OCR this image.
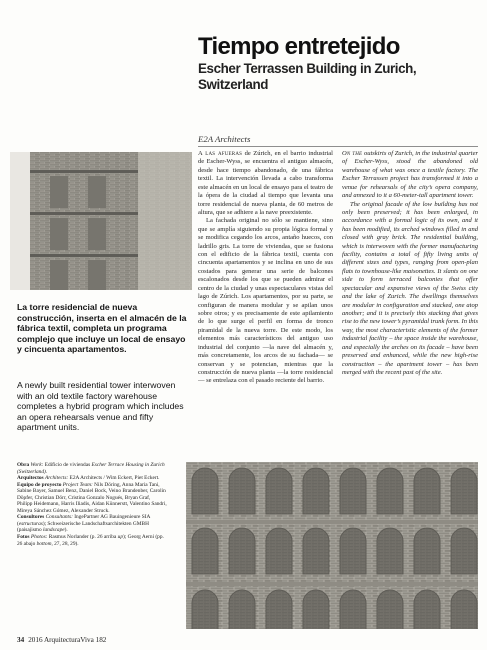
Tiempo entretejido
Escher Terrassen Building in Zurich, Switzerland
La torre residencial de nueva construcción, inserta en el almacén de la fábrica textil, completa un programa complejo que incluye un local de ensayo y cincuenta apartamentos.
A newly built residential tower interwoven with an old textile factory warehouse completes a hybrid program which includes an opera rehearsals venue and fifty apartment units.
E2A Architects

A las afueras de Zúrich, en el barrio industrial de Escher-Wyss, se encuentra el antiguo almacén, desde hace tiempo abandonado, de una fábrica textil. La intervención llevada a cabo transforma este almacén en un local de ensayo para el teatro de la ópera de la ciudad al tiempo que levanta una torre residencial de nueva planta, de 60 metros de altura, que se adhiere a la nave preexistente.

La fachada original no sólo se mantiene, sino que se amplía siguiendo su propia lógica formal y se modifica cegando los arcos, antaño huecos, con ladrillo gris. La torre de viviendas, que se fusiona con el edificio de la fábrica textil, cuenta con cincuenta apartamentos y se inclina en uno de sus costados para generar una serie de balcones escalonados desde los que se pueden admirar el centro de la ciudad y unas espectaculares vistas del lago de Zúrich. Los apartamentos, por su parte, se configuran de manera modular y se apilan unos sobre otros; y es precisamente de este apilamiento de lo que surge el perfil en forma de tronco piramidal de la nueva torre. De este modo, los elementos más característicos del antiguo uso industrial del conjunto —la nave del almacén y, más concretamente, los arcos de su fachada— se conservan y se potencian, mientras que la construcción de nueva planta —la torre residencial— se entrelaza con el pasado reciente del barrio.

On the outskirts of Zurich, in the industrial quarter of Escher-Wyss, stood the abandoned old warehouse of what was once a textile factory. The Escher Terrassen project has transformed it into a venue for rehearsals of the city’s opera company, and annexed to it a 60-meter-tall apartment tower.

The original facade of the low building has not only been preserved; it has been enlarged, in accordance with a formal logic of its own, and it has been modified, its arched windows filled in and closed with gray brick. The residential building, which is interwoven with the former manufacturing facility, contains a total of fifty living units of different sizes and types, ranging from open-plan flats to townhouse-like maisonettes. It slants on one side to form terraced balconies that offer spectacular and expansive views of the Swiss city and the lake of Zurich. The dwellings themselves are modular in configuration and stacked, one atop another; and it is precisely this stacking that gives rise to the new tower’s pyramidal trunk form. In this way, the most characteristic elements of the former industrial facility – the space inside the warehouse, and especially the arches on its facade – have been preserved and enhanced, while the new high-rise construction – the apartment tower – has been merged with the recent past of the site.

Obra Work: Edificio de viviendas Escher Terrace Housing in Zurich (Switzerland).
Arquitectos Architects: E2A Architects / Wim Eckert, Piet Eckert.
Equipo de proyecto Project Team: Nils Döring, Anna Maria Tani, Sabine Bayer, Samuel Benz, Daniel Bock, Veino Brandenber, Carolin Döpfer, Christian Dörr, Cristina Gonzalo Nogués, Bryan Graf, Philipp Heidemann, Harris Iliadis, Aidan Künnerstt, Valentino Sandri, Mireya Sánchez Gómez, Alexander Struck.
Consultores Consultants: IngePartner AG Bauingenieure SIA (estructuras); Schweizerische Landschaftsarchitekten GMBH (paisajismo landscape).
Fotos Photos: Rasmus Norlander (p. 26 arriba up); Georg Aerni (pp. 26 abajo bottom, 27, 28, 29).
34 2016 ArquitecturaViva 182
